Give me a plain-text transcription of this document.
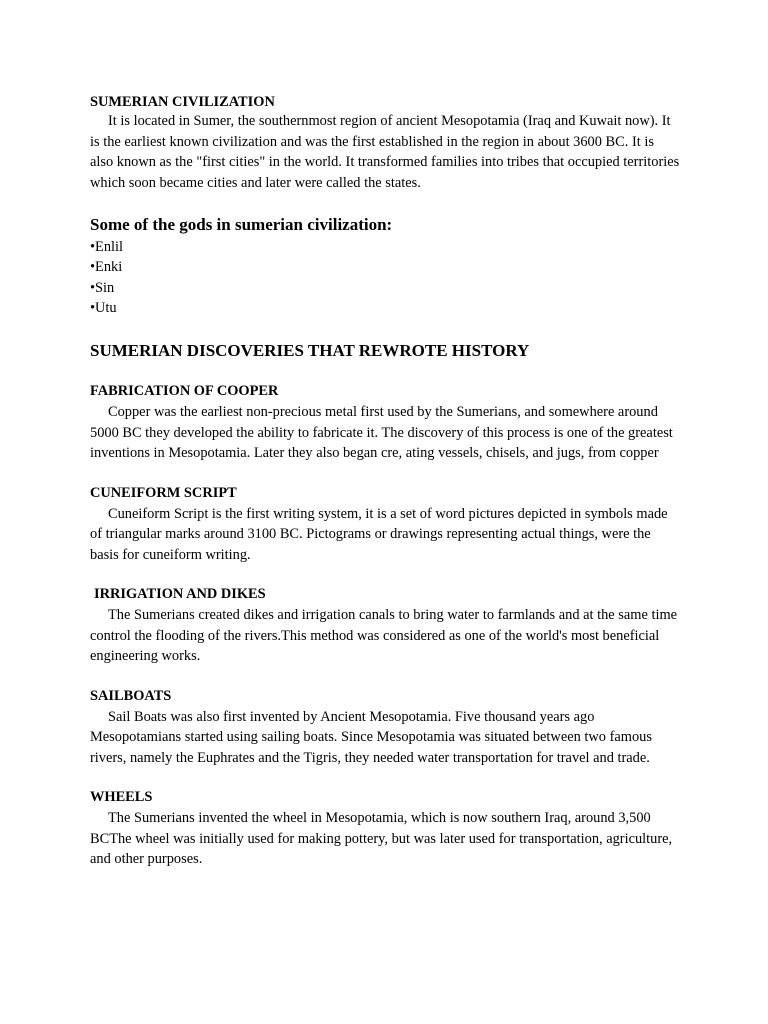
SUMERIAN CIVILIZATION

It is located in Sumer, the southernmost region of ancient Mesopotamia (Iraq and Kuwait now). It is the earliest known civilization and was the first established in the region in about 3600 BC. It is also known as the "first cities" in the world. It transformed families into tribes that occupied territories which soon became cities and later were called the states.

Some of the gods in sumerian civilization:

•Enlil

•Enki

•Sin

•Utu

SUMERIAN DISCOVERIES THAT REWROTE HISTORY

FABRICATION OF COOPER

Copper was the earliest non-precious metal first used by the Sumerians, and somewhere around 5000 BC they developed the ability to fabricate it. The discovery of this process is one of the greatest inventions in Mesopotamia. Later they also began cre, ating vessels, chisels, and jugs, from copper

CUNEIFORM SCRIPT

Cuneiform Script is the first writing system, it is a set of word pictures depicted in symbols made of triangular marks around 3100 BC. Pictograms or drawings representing actual things, were the basis for cuneiform writing.

IRRIGATION AND DIKES

The Sumerians created dikes and irrigation canals to bring water to farmlands and at the same time control the flooding of the rivers.This method was considered as one of the world's most beneficial engineering works.

SAILBOATS

Sail Boats was also first invented by Ancient Mesopotamia. Five thousand years ago Mesopotamians started using sailing boats. Since Mesopotamia was situated between two famous rivers, namely the Euphrates and the Tigris, they needed water transportation for travel and trade.

WHEELS

The Sumerians invented the wheel in Mesopotamia, which is now southern Iraq, around 3,500 BCThe wheel was initially used for making pottery, but was later used for transportation, agriculture, and other purposes.
